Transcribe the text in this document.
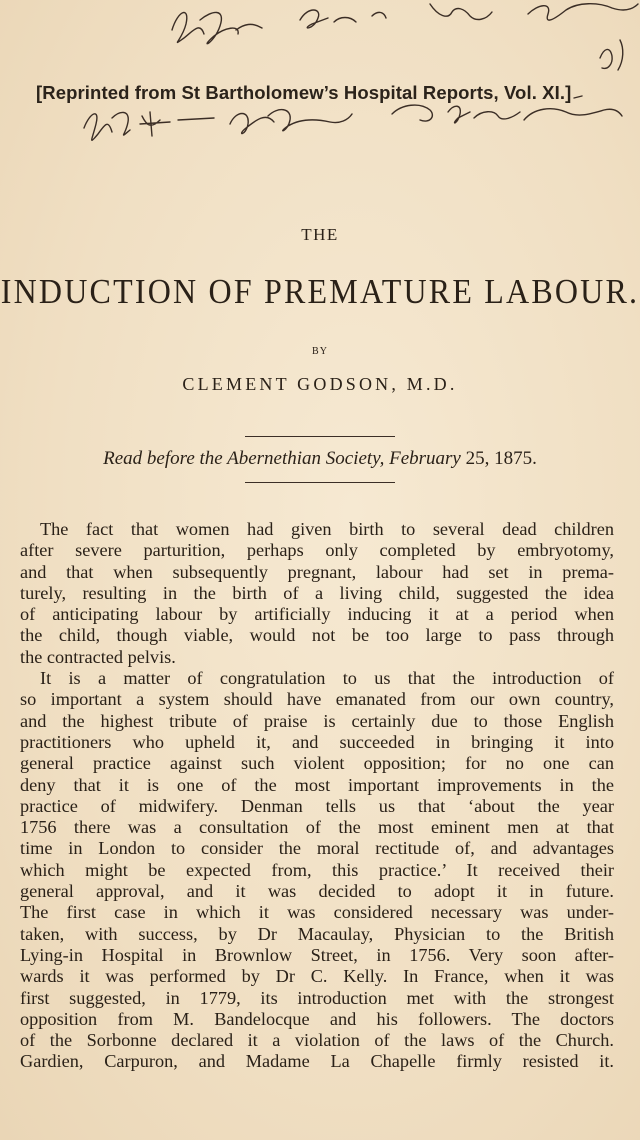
[Reprinted from St Bartholomew’s Hospital Reports, Vol. XI.]
THE
INDUCTION OF PREMATURE LABOUR.
BY
CLEMENT GODSON, M.D.
Read before the Abernethian Society, February 25, 1875.
The fact that women had given birth to several dead children
after severe parturition, perhaps only completed by embryotomy,
and that when subsequently pregnant, labour had set in prema-
turely, resulting in the birth of a living child, suggested the idea
of anticipating labour by artificially inducing it at a period when
the child, though viable, would not be too large to pass through
the contracted pelvis.
It is a matter of congratulation to us that the introduction of
so important a system should have emanated from our own country,
and the highest tribute of praise is certainly due to those English
practitioners who upheld it, and succeeded in bringing it into
general practice against such violent opposition; for no one can
deny that it is one of the most important improvements in the
practice of midwifery. Denman tells us that ‘about the year
1756 there was a consultation of the most eminent men at that
time in London to consider the moral rectitude of, and advantages
which might be expected from, this practice.’ It received their
general approval, and it was decided to adopt it in future.
The first case in which it was considered necessary was under-
taken, with success, by Dr Macaulay, Physician to the British
Lying-in Hospital in Brownlow Street, in 1756. Very soon after-
wards it was performed by Dr C. Kelly. In France, when it was
first suggested, in 1779, its introduction met with the strongest
opposition from M. Bandelocque and his followers. The doctors
of the Sorbonne declared it a violation of the laws of the Church.
Gardien, Carpuron, and Madame La Chapelle firmly resisted it.
